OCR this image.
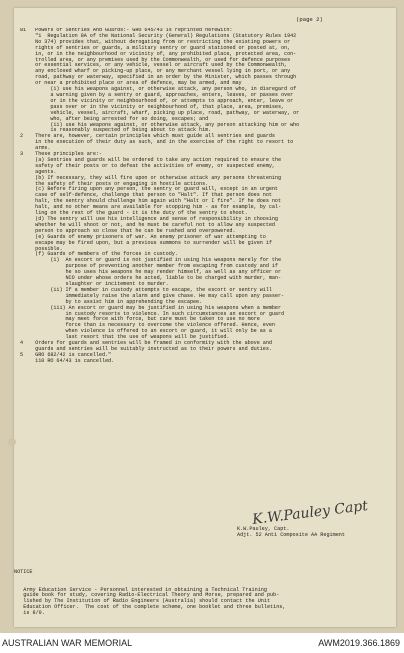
(page 2)
81   Powers Of Sentries And Guards:- GRO 645/43 is reprinted herewith:
"1  Regulation 8A of the National Security (General) Regulations (Statutory Rules 1942
No 374) provides that, without derogating from or restricting the existing powers or
rights of sentries or guards, a military sentry or guard stationed or posted at, on,
in, or in the neighbourhood or vicinity of, any prohibited place, protected area, con-
trolled area, or any premises used by the Commonwealth, or used for defence purposes
or essential services, or any vehicle, vessel or aircraft used by the Commonwealth,
any enclosed wharf or picking-up place, or any merchant vessel lying in port, or any
road, pathway or waterway, specified in an order by the Minister, which passes through
or near a prohibited place or area of defence, may be armed, and may
(i) use his weapons against, or otherwise attack, any person who, in disregard of
a warning given by a sentry or guard, approaches, enters, leaves, or passes over
or in the vicinity or neighbourhood of, or attempts to approach, enter, leave or
pass over or in the vicinity or neighbourhood of, that place, area, premises,
vehicle, vessel, aircraft, wharf, picking up place, road, pathway, or waterway, or
who, after being arrested for so doing, escapes; and
(ii) use his weapons against, or otherwise attack, any person attacking him or who
is reasonably suspected of being about to attack him.
2    There are, however, certain principles which must guide all sentries and guards
in the execution of their duty as such, and in the exercise of the right to resort to
arms.
3    These principles are:-
(a) Sentries and guards will be ordered to take any action required to ensure the
safety of their posts or to defeat the activities of enemy, or suspected enemy,
agents.
(b) If necessary, they will fire upon or otherwise attack any persons threatening
the safety of their posts or engaging in hostile actions.
(c) Before firing upon any person, the sentry or guard will, except in an urgent
case of self-defence, challenge that person to "Halt". If that person does not
halt, the sentry should challenge him again with "Halt or I fire". If he does not
halt, and no other means are available for stopping him - as for example, by cal-
ling on the rest of the guard - it is the duty of the sentry to shoot.
(d) The sentry will use his intelligence and sense of responsibility in choosing
whether he will shoot or not, and he must be careful not to allow any suspected
person to approach so close that he can be rushed and overpowered.
(e) Guards of enemy prisoners of war. An enemy prisoner of war attempting to
escape may be fired upon, but a previous summons to surrender will be given if
possible.
(f) Guards of members of the forces in custody.
(i)  An escort or guard is not justified in using his weapons merely for the
purpose of preventing another member from escaping from custody and if
he so uses his weapons he may render himself, as well as any officer or
NCO under whose orders he acted, liable to be charged with murder, man-
slaughter or incitement to murder.
(ii) If a member in custody attempts to escape, the escort or sentry will
immediately raise the alarm and give chase. He may call upon any passer-
by to assist him in apprehending the escapee.
(iii) An escort or guard may be justified in using his weapons when a member
in custody resorts to violence. In such circumstances an escort or guard
may meet force with force, but care must be taken to use no more
force than is necessary to overcome the violence offered. Hence, even
when violence is offered to an escort or guard, it will only be as a
last resort that the use of weapons will be justified.
4    Orders for guards and sentries will be framed in conformity with the above and
guards and sentries will be suitably instructed as to their powers and duties.
5    GRO 682/42 is cancelled."
110 RO 64/43 is cancelled.
K.W.Pauley Capt
K.W.Pauley, Capt.
Adjt. 52 Anti Composite AA Regiment

NOTICE

Army Education Service - Personnel interested in obtaining a Technical Training
guide book for study, covering Radio-Electrical Theory and Morse, prepared and pub-
lished by The Institution of Radio Engineers (Australia) should contact the Unit
Education Officer.  The cost of the complete scheme, one booklet and three bulletins,
is 8/9.

AUSTRALIAN WAR MEMORIAL	AWM2019.366.1869
